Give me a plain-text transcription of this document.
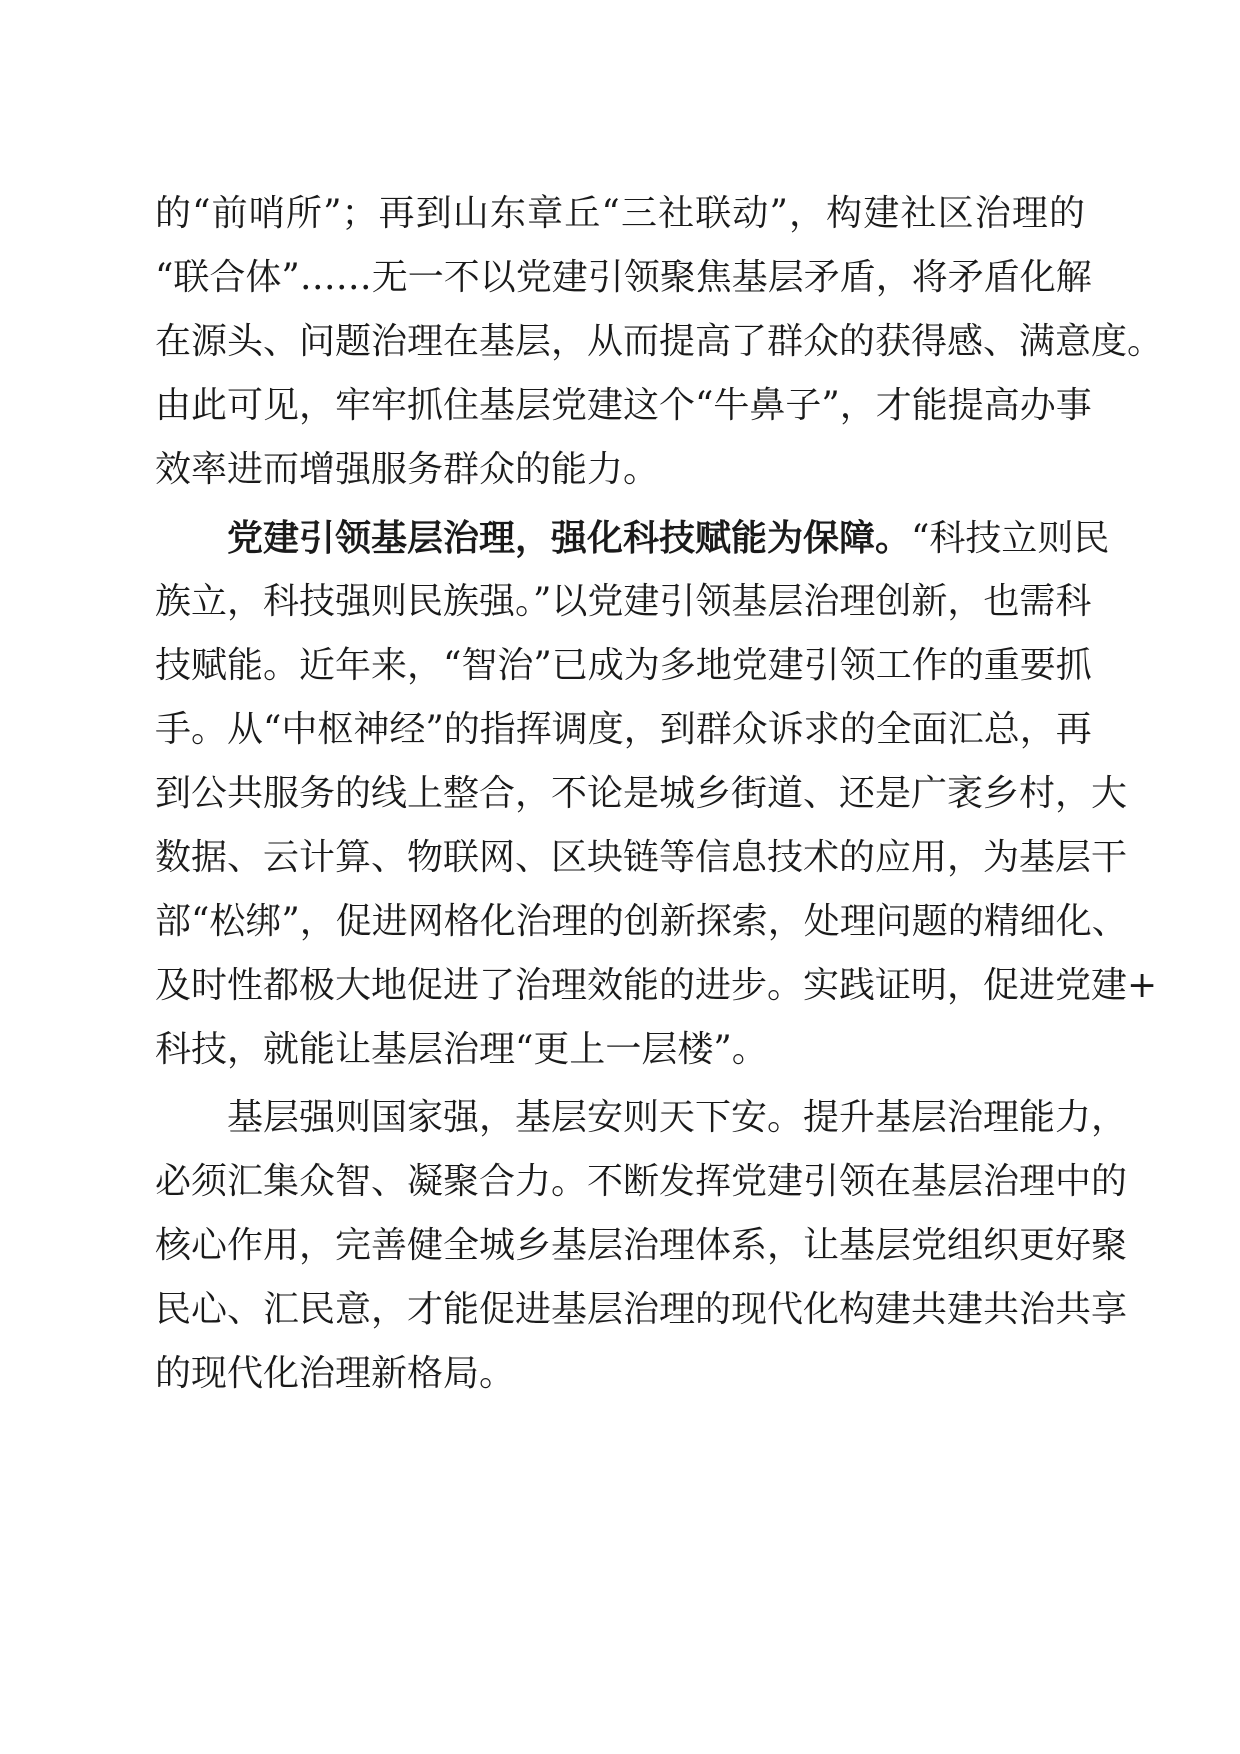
的“前哨所”；再到山东章丘“三社联动”，构建社区治理的
“联合体”……无一不以党建引领聚焦基层矛盾，将矛盾化解
在源头、问题治理在基层，从而提高了群众的获得感、满意度。
由此可见，牢牢抓住基层党建这个“牛鼻子”，才能提高办事
效率进而增强服务群众的能力。
党建引领基层治理，强化科技赋能为保障。“科技立则民
族立，科技强则民族强。”以党建引领基层治理创新，也需科
技赋能。近年来，“智治”已成为多地党建引领工作的重要抓
手。从“中枢神经”的指挥调度，到群众诉求的全面汇总，再
到公共服务的线上整合，不论是城乡街道、还是广袤乡村，大
数据、云计算、物联网、区块链等信息技术的应用，为基层干
部“松绑”，促进网格化治理的创新探索，处理问题的精细化、
及时性都极大地促进了治理效能的进步。实践证明，促进党建+
科技，就能让基层治理“更上一层楼”。
基层强则国家强，基层安则天下安。提升基层治理能力，
必须汇集众智、凝聚合力。不断发挥党建引领在基层治理中的
核心作用，完善健全城乡基层治理体系，让基层党组织更好聚
民心、汇民意，才能促进基层治理的现代化构建共建共治共享
的现代化治理新格局。
